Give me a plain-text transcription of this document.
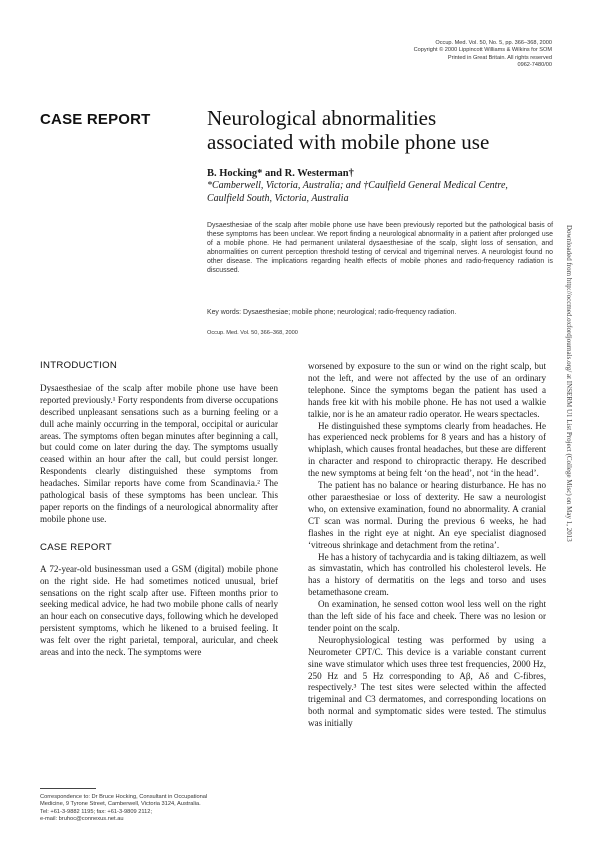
Occup. Med. Vol. 50, No. 5, pp. 366–368, 2000
Copyright © 2000 Lippincott Williams & Wilkins for SOM
Printed in Great Britain. All rights reserved
0962-7480/00
CASE REPORT	Neurological abnormalities
associated with mobile phone use
B. Hocking* and R. Westerman†
*Camberwell, Victoria, Australia; and †Caulfield General Medical Centre,
Caulfield South, Victoria, Australia

Dysaesthesiae of the scalp after mobile phone use have been previously reported but the pathological basis of these symptoms has been unclear. We report finding a neurological abnormality in a patient after prolonged use of a mobile phone. He had permanent unilateral dysaesthesiae of the scalp, slight loss of sensation, and abnormalities on current perception threshold testing of cervical and trigeminal nerves. A neurologist found no other disease. The implications regarding health effects of mobile phones and radio-frequency radiation is discussed.

Key words: Dysaesthesiae; mobile phone; neurological; radio-frequency radiation.
Occup. Med. Vol. 50, 366–368, 2000
INTRODUCTION

Dysaesthesiae of the scalp after mobile phone use have been reported previously.¹ Forty respondents from diverse occupations described unpleasant sensations such as a burning feeling or a dull ache mainly occurring in the temporal, occipital or auricular areas. The symptoms often began minutes after beginning a call, but could come on later during the day. The symptoms usually ceased within an hour after the call, but could persist longer. Respondents clearly distinguished these symptoms from headaches. Similar reports have come from Scandinavia.² The pathological basis of these symptoms has been unclear. This paper reports on the findings of a neurological abnormality after mobile phone use.

CASE REPORT

A 72-year-old businessman used a GSM (digital) mobile phone on the right side. He had sometimes noticed unusual, brief sensations on the right scalp after use. Fifteen months prior to seeking medical advice, he had two mobile phone calls of nearly an hour each on consecutive days, following which he developed persistent symptoms, which he likened to a bruised feeling. It was felt over the right parietal, temporal, auricular, and cheek areas and into the neck. The symptoms were

worsened by exposure to the sun or wind on the right scalp, but not the left, and were not affected by the use of an ordinary telephone. Since the symptoms began the patient has used a hands free kit with his mobile phone. He has not used a walkie talkie, nor is he an amateur radio operator. He wears spectacles.

He distinguished these symptoms clearly from headaches. He has experienced neck problems for 8 years and has a history of whiplash, which causes frontal headaches, but these are different in character and respond to chiropractic therapy. He described the new symptoms at being felt ‘on the head’, not ‘in the head’.

The patient has no balance or hearing disturbance. He has no other paraesthesiae or loss of dexterity. He saw a neurologist who, on extensive examination, found no abnormality. A cranial CT scan was normal. During the previous 6 weeks, he had flashes in the right eye at night. An eye specialist diagnosed ‘vitreous shrinkage and detachment from the retina’.

He has a history of tachycardia and is taking diltiazem, as well as simvastatin, which has controlled his cholesterol levels. He has a history of dermatitis on the legs and torso and uses betamethasone cream.

On examination, he sensed cotton wool less well on the right than the left side of his face and cheek. There was no lesion or tender point on the scalp.

Neurophysiological testing was performed by using a Neurometer CPT/C. This device is a variable constant current sine wave stimulator which uses three test frequencies, 2000 Hz, 250 Hz and 5 Hz corresponding to Aβ, Aδ and C-fibres, respectively.³ The test sites were selected within the affected trigeminal and C3 dermatomes, and corresponding locations on both normal and symptomatic sides were tested. The stimulus was initially

Correspondence to: Dr Bruce Hocking, Consultant in Occupational
Medicine, 9 Tyrone Street, Camberwell, Victoria 3124, Australia.
Tel: +61-3-9882 1195; fax: +61-3-9809 2112;
e-mail: bruhoc@connexus.net.au
Downloaded from http://occmed.oxfordjournals.org/ at INSERM U1 List Project (College Misc) on May 1, 2013
